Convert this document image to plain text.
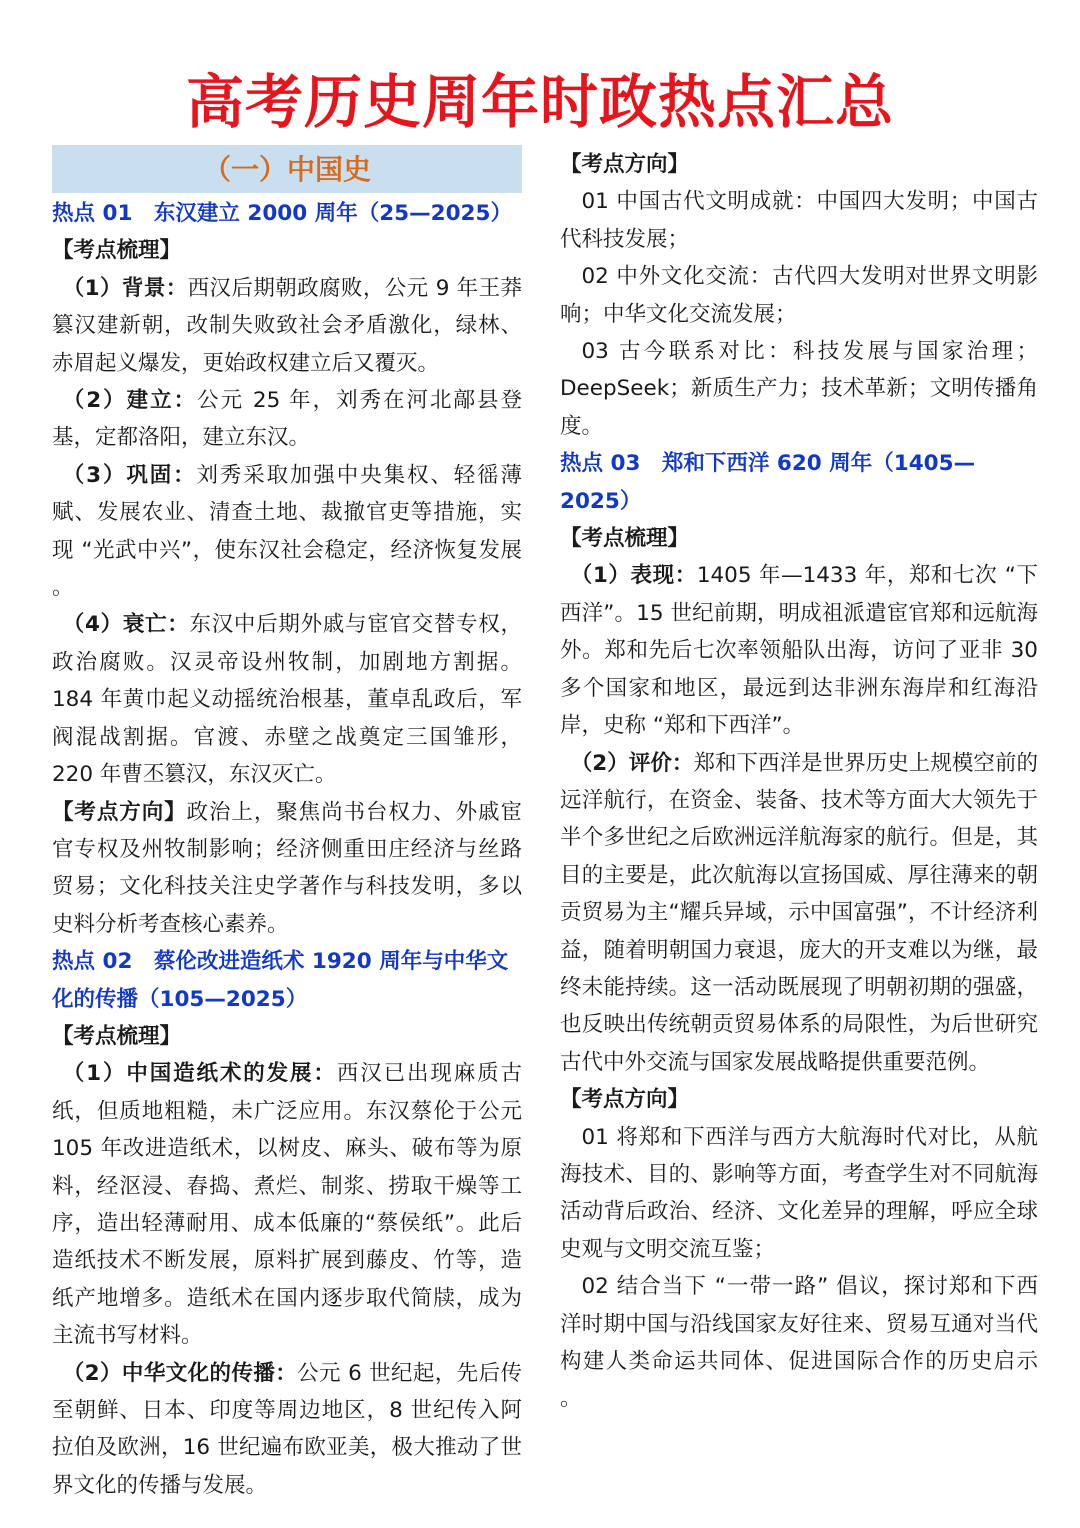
高考历史周年时政热点汇总
（一）中国史
热点 01　东汉建立 2000 周年（25—2025）

【考点梳理】

（1）背景：西汉后期朝政腐败，公元 9 年王莽篡汉建新朝，改制失败致社会矛盾激化，绿林、赤眉起义爆发，更始政权建立后又覆灭。

（2）建立：公元 25 年，刘秀在河北鄗县登基，定都洛阳，建立东汉。

（3）巩固：刘秀采取加强中央集权、轻徭薄赋、发展农业、清查土地、裁撤官吏等措施，实现 “光武中兴”，使东汉社会稳定，经济恢复发展 。

（4）衰亡：东汉中后期外戚与宦官交替专权，政治腐败。汉灵帝设州牧制，加剧地方割据。184 年黄巾起义动摇统治根基，董卓乱政后，军阀混战割据。官渡、赤壁之战奠定三国雏形，220 年曹丕篡汉，东汉灭亡。

【考点方向】政治上，聚焦尚书台权力、外戚宦官专权及州牧制影响；经济侧重田庄经济与丝路贸易；文化科技关注史学著作与科技发明，多以史料分析考查核心素养。

热点 02　蔡伦改进造纸术 1920 周年与中华文化的传播（105—2025）

【考点梳理】

（1）中国造纸术的发展：西汉已出现麻质古纸，但质地粗糙，未广泛应用。东汉蔡伦于公元 105 年改进造纸术，以树皮、麻头、破布等为原料，经沤浸、舂捣、煮烂、制浆、捞取干燥等工序，造出轻薄耐用、成本低廉的“蔡侯纸”。此后造纸技术不断发展，原料扩展到藤皮、竹等，造纸产地增多。造纸术在国内逐步取代简牍，成为主流书写材料。

（2）中华文化的传播：公元 6 世纪起，先后传至朝鲜、日本、印度等周边地区，8 世纪传入阿拉伯及欧洲，16 世纪遍布欧亚美，极大推动了世界文化的传播与发展。

【考点方向】

01 中国古代文明成就：中国四大发明；中国古代科技发展；

02 中外文化交流：古代四大发明对世界文明影响；中华文化交流发展；

03 古今联系对比：科技发展与国家治理；DeepSeek；新质生产力；技术革新；文明传播角度。

热点 03　郑和下西洋 620 周年（1405—2025）

【考点梳理】

（1）表现：1405 年—1433 年，郑和七次 “下西洋”。15 世纪前期，明成祖派遣宦官郑和远航海外。郑和先后七次率领船队出海，访问了亚非 30 多个国家和地区，最远到达非洲东海岸和红海沿岸，史称 “郑和下西洋”。

（2）评价：郑和下西洋是世界历史上规模空前的远洋航行，在资金、装备、技术等方面大大领先于半个多世纪之后欧洲远洋航海家的航行。但是，其目的主要是，此次航海以宣扬国威、厚往薄来的朝贡贸易为主“耀兵异域，示中国富强”，不计经济利益，随着明朝国力衰退，庞大的开支难以为继，最终未能持续。这一活动既展现了明朝初期的强盛，也反映出传统朝贡贸易体系的局限性，为后世研究古代中外交流与国家发展战略提供重要范例。

【考点方向】

01 将郑和下西洋与西方大航海时代对比，从航海技术、目的、影响等方面，考查学生对不同航海活动背后政治、经济、文化差异的理解，呼应全球史观与文明交流互鉴；

02 结合当下 “一带一路” 倡议，探讨郑和下西洋时期中国与沿线国家友好往来、贸易互通对当代构建人类命运共同体、促进国际合作的历史启示 。
